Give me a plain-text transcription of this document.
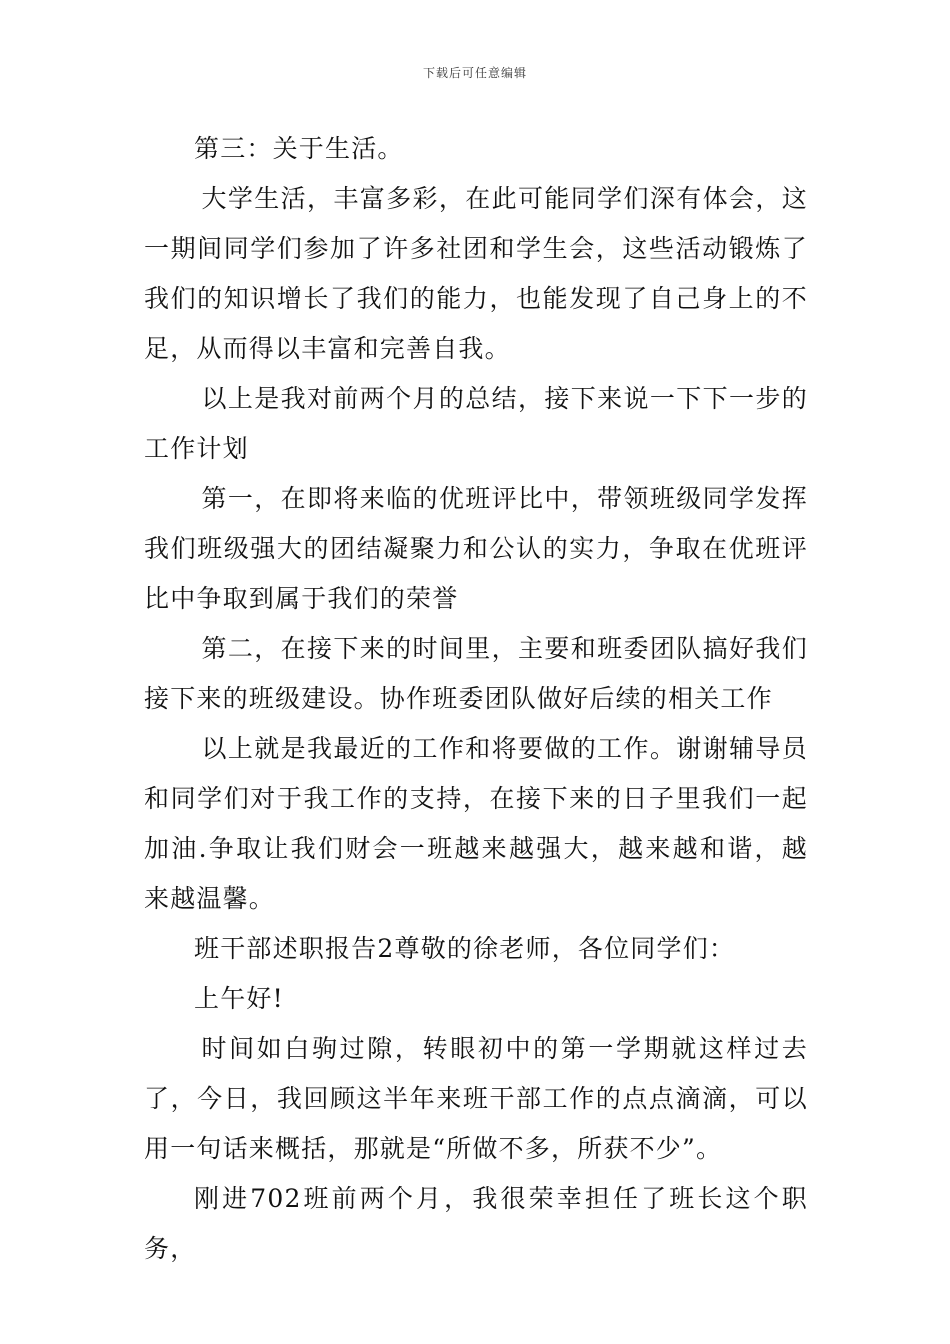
下载后可任意编辑

第三：关于生活。

大学生活，丰富多彩，在此可能同学们深有体会，这一期间同学们参加了许多社团和学生会，这些活动锻炼了我们的知识增长了我们的能力，也能发现了自己身上的不足，从而得以丰富和完善自我。

以上是我对前两个月的总结，接下来说一下下一步的工作计划

第一，在即将来临的优班评比中，带领班级同学发挥我们班级强大的团结凝聚力和公认的实力，争取在优班评比中争取到属于我们的荣誉

第二，在接下来的时间里，主要和班委团队搞好我们接下来的班级建设。协作班委团队做好后续的相关工作

以上就是我最近的工作和将要做的工作。谢谢辅导员和同学们对于我工作的支持，在接下来的日子里我们一起加油.争取让我们财会一班越来越强大，越来越和谐，越来越温馨。

班干部述职报告2尊敬的徐老师，各位同学们：

上午好!

时间如白驹过隙，转眼初中的第一学期就这样过去了，今日，我回顾这半年来班干部工作的点点滴滴，可以用一句话来概括，那就是“所做不多，所获不少”。

刚进702班前两个月，我很荣幸担任了班长这个职务，
